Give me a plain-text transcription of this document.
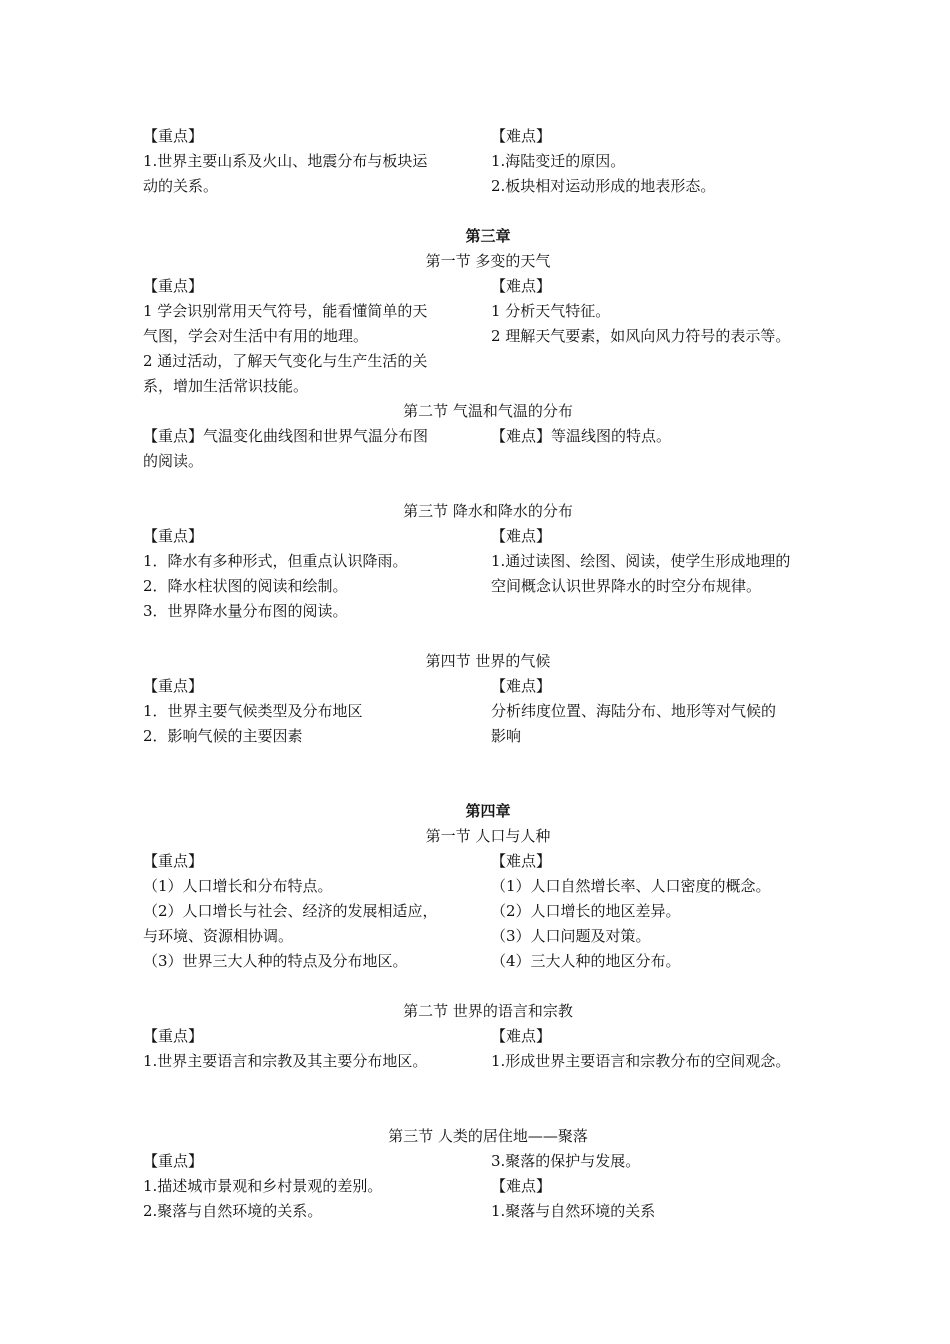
【重点】
1.世界主要山系及火山、地震分布与板块运
动的关系。
【难点】
1.海陆变迁的原因。
2.板块相对运动形成的地表形态。
第三章
第一节 多变的天气
【重点】
1 学会识别常用天气符号，能看懂简单的天
气图，学会对生活中有用的地理。
2 通过活动，了解天气变化与生产生活的关
系，增加生活常识技能。
【难点】
1 分析天气特征。
2 理解天气要素，如风向风力符号的表示等。
第二节 气温和气温的分布
【重点】气温变化曲线图和世界气温分布图
的阅读。
【难点】等温线图的特点。
第三节 降水和降水的分布
【重点】
1．降水有多种形式，但重点认识降雨。
2．降水柱状图的阅读和绘制。
3．世界降水量分布图的阅读。
【难点】
1.通过读图、绘图、阅读，使学生形成地理的
空间概念认识世界降水的时空分布规律。
第四节 世界的气候
【重点】
1．世界主要气候类型及分布地区
2．影响气候的主要因素
【难点】
分析纬度位置、海陆分布、地形等对气候的
影响
第四章
第一节 人口与人种
【重点】
（1）人口增长和分布特点。
（2）人口增长与社会、经济的发展相适应，
与环境、资源相协调。
（3）世界三大人种的特点及分布地区。
【难点】
（1）人口自然增长率、人口密度的概念。
（2）人口增长的地区差异。
（3）人口问题及对策。
（4）三大人种的地区分布。
第二节 世界的语言和宗教
【重点】
1.世界主要语言和宗教及其主要分布地区。
【难点】
1.形成世界主要语言和宗教分布的空间观念。
第三节 人类的居住地——聚落
【重点】
1.描述城市景观和乡村景观的差别。
2.聚落与自然环境的关系。
3.聚落的保护与发展。
【难点】
1.聚落与自然环境的关系
